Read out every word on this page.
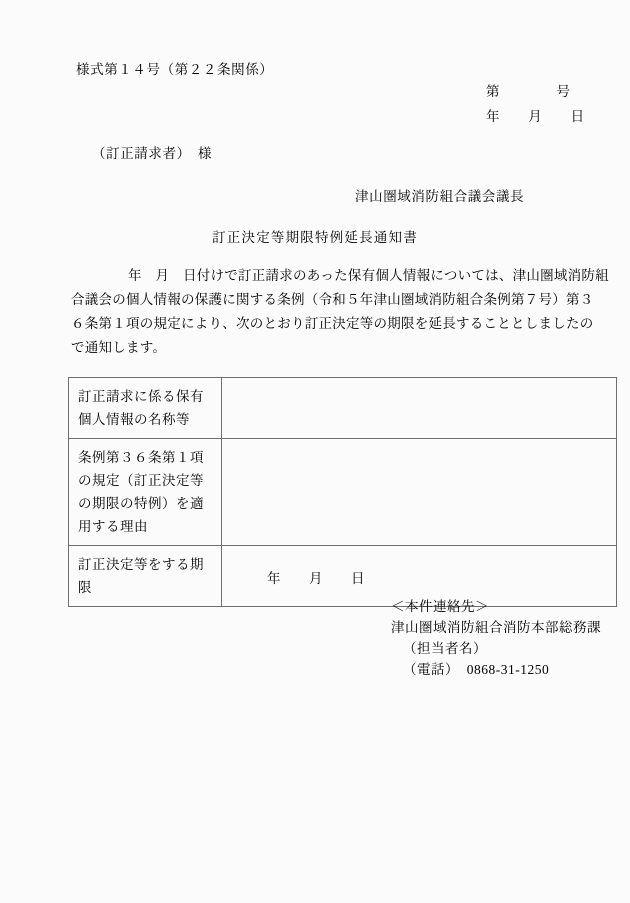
様式第１４号（第２２条関係）
第　　　　号
年　　月　　日
（訂正請求者）　様
津山圏域消防組合議会議長
訂正決定等期限特例延長通知書
年　月　日付けで訂正請求のあった保有個人情報については、津山圏域消防組
合議会の個人情報の保護に関する条例（令和５年津山圏域消防組合条例第７号）第３
６条第１項の規定により、次のとおり訂正決定等の期限を延長することとしましたの
で通知します。
訂正請求に係る保有個人情報の名称等	
条例第３６条第１項の規定（訂正決定等の期限の特例）を適用する理由	
訂正決定等をする期限	年　　月　　日
＜本件連絡先＞
津山圏域消防組合消防本部総務課
（担当者名）
（電話）  0868-31-1250
